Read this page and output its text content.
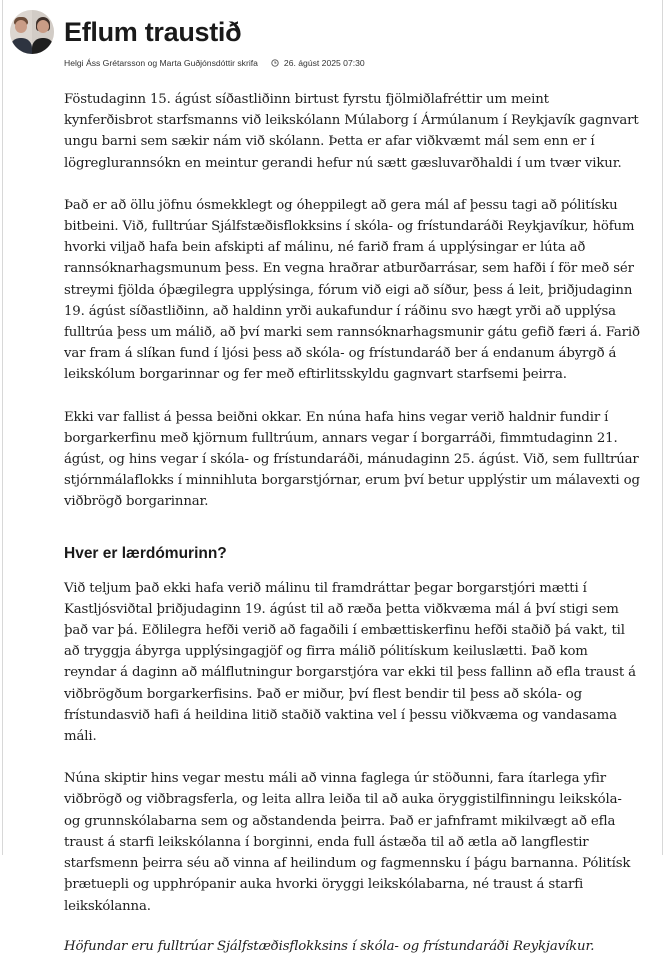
Eflum traustið
Helgi Áss Grétarsson og Marta Guðjónsdóttir skrifa	26. ágúst 2025 07:30

Föstudaginn 15. ágúst síðastliðinn birtust fyrstu fjölmiðlafréttir um meint kynferðisbrot starfsmanns við leikskólann Múlaborg í Ármúlanum í Reykjavík gagnvart ungu barni sem sækir nám við skólann. Þetta er afar viðkvæmt mál sem enn er í lögreglurannsókn en meintur gerandi hefur nú sætt gæsluvarðhaldi í um tvær vikur.

Það er að öllu jöfnu ósmekklegt og óheppilegt að gera mál af þessu tagi að pólitísku bitbeini. Við, fulltrúar Sjálfstæðisflokksins í skóla- og frístundaráði Reykjavíkur, höfum hvorki viljað hafa bein afskipti af málinu, né farið fram á upplýsingar er lúta að rannsóknarhagsmunum þess. En vegna hraðrar atburðarrásar, sem hafði í för með sér streymi fjölda óþægilegra upplýsinga, fórum við eigi að síður, þess á leit, þriðjudaginn 19. ágúst síðastliðinn, að haldinn yrði aukafundur í ráðinu svo hægt yrði að upplýsa fulltrúa þess um málið, að því marki sem rannsóknarhagsmunir gátu gefið færi á. Farið var fram á slíkan fund í ljósi þess að skóla- og frístundaráð ber á endanum ábyrgð á leikskólum borgarinnar og fer með eftirlitsskyldu gagnvart starfsemi þeirra.

Ekki var fallist á þessa beiðni okkar. En núna hafa hins vegar verið haldnir fundir í borgarkerfinu með kjörnum fulltrúum, annars vegar í borgarráði, fimmtudaginn 21. ágúst, og hins vegar í skóla- og frístundaráði, mánudaginn 25. ágúst. Við, sem fulltrúar stjórnmálaflokks í minnihluta borgarstjórnar, erum því betur upplýstir um málavexti og viðbrögð borgarinnar.

Hver er lærdómurinn?

Við teljum það ekki hafa verið málinu til framdráttar þegar borgarstjóri mætti í Kastljósviðtal þriðjudaginn 19. ágúst til að ræða þetta viðkvæma mál á því stigi sem það var þá. Eðlilegra hefði verið að fagaðili í embættiskerfinu hefði staðið þá vakt, til að tryggja ábyrga upplýsingagjöf og firra málið pólitískum keiluslætti. Það kom reyndar á daginn að málflutningur borgarstjóra var ekki til þess fallinn að efla traust á viðbrögðum borgarkerfisins. Það er miður, því flest bendir til þess að skóla- og frístundasvið hafi á heildina litið staðið vaktina vel í þessu viðkvæma og vandasama máli.

Núna skiptir hins vegar mestu máli að vinna faglega úr stöðunni, fara ítarlega yfir viðbrögð og viðbragsferla, og leita allra leiða til að auka öryggistilfinningu leikskóla- og grunnskólabarna sem og aðstandenda þeirra. Það er jafnframt mikilvægt að efla traust á starfi leikskólanna í borginni, enda full ástæða til að ætla að langflestir starfsmenn þeirra séu að vinna af heilindum og fagmennsku í þágu barnanna. Pólitísk þrætuepli og upphrópanir auka hvorki öryggi leikskólabarna, né traust á starfi leikskólanna.

Höfundar eru fulltrúar Sjálfstæðisflokksins í skóla- og frístundaráði Reykjavíkur.
